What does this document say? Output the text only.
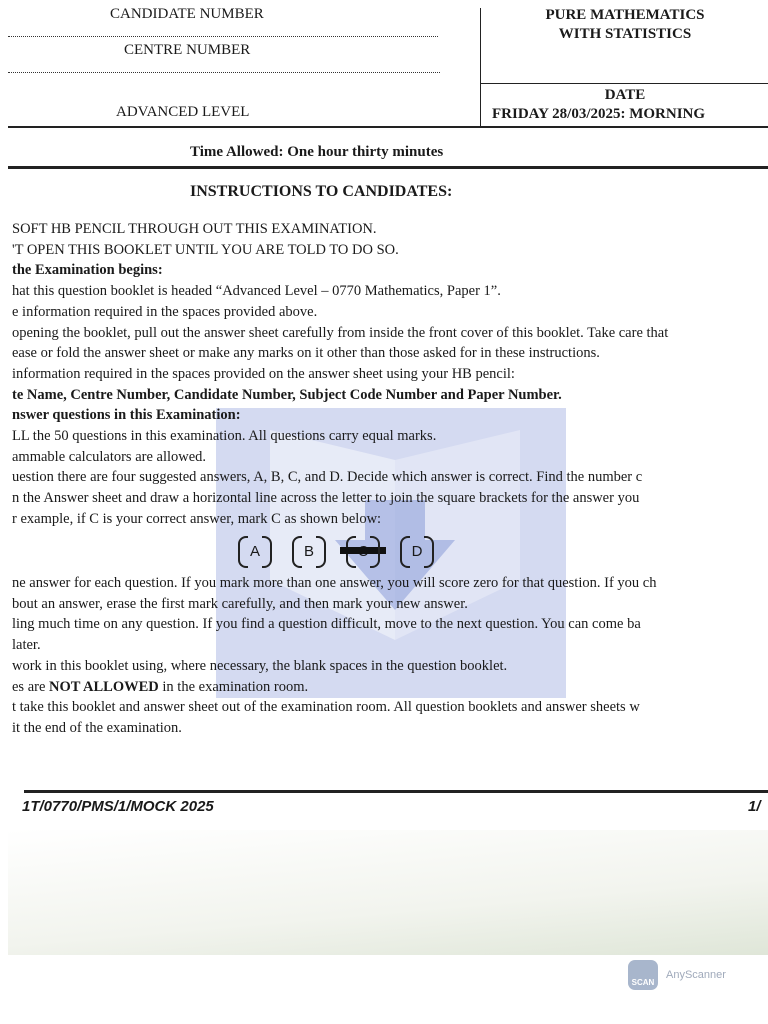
CANDIDATE NUMBER
CENTRE NUMBER
ADVANCED LEVEL
PURE MATHEMATICS
WITH STATISTICS
DATE
FRIDAY 28/03/2025: MORNING
Time Allowed: One hour thirty minutes
INSTRUCTIONS TO CANDIDATES:
SOFT HB PENCIL THROUGH OUT THIS EXAMINATION.
'T OPEN THIS BOOKLET UNTIL YOU ARE TOLD TO DO SO.
the Examination begins:
hat this question booklet is headed “Advanced Level – 0770 Mathematics, Paper 1”.
e information required in the spaces provided above.
opening the booklet, pull out the answer sheet carefully from inside the front cover of this booklet. Take care that
ease or fold the answer sheet or make any marks on it other than those asked for in these instructions.
information required in the spaces provided on the answer sheet using your HB pencil:
te Name, Centre Number, Candidate Number, Subject Code Number and Paper Number.
nswer questions in this Examination:
LL the 50 questions in this examination. All questions carry equal marks.
ammable calculators are allowed.
uestion there are four suggested answers, A, B, C, and D. Decide which answer is correct. Find the number c
n the Answer sheet and draw a horizontal line across the letter to join the square brackets for the answer you
r example, if C is your correct answer, mark C as shown below:
A	B	D
ne answer for each question. If you mark more than one answer, you will score zero for that question. If you ch
bout an answer, erase the first mark carefully, and then mark your new answer.
ling much time on any question. If you find a question difficult, move to the next question. You can come ba
later.
work in this booklet using, where necessary, the blank spaces in the question booklet.
es are NOT ALLOWED in the examination room.
t take this booklet and answer sheet out of the examination room. All question booklets and answer sheets w
it the end of the examination.
1T/0770/PMS/1/MOCK 2025	1/
SCAN
AnyScanner
